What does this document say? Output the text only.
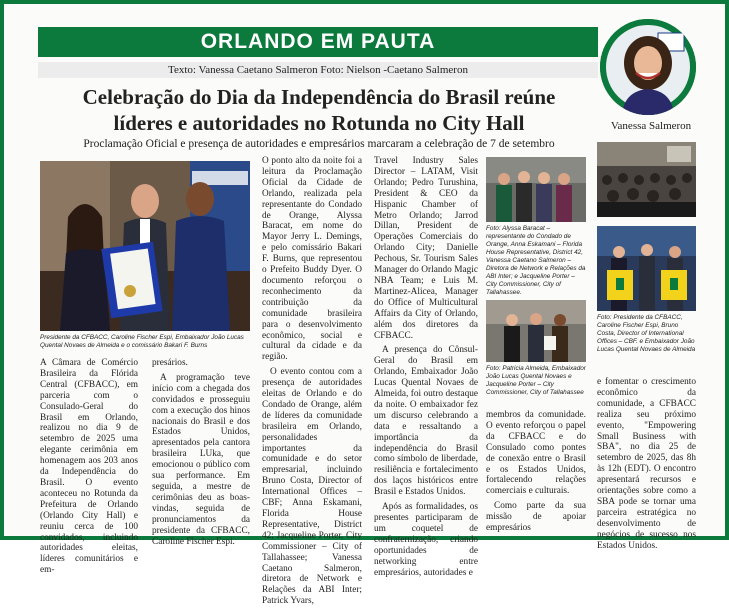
ORLANDO EM PAUTA
Texto: Vanessa Caetano Salmeron Foto: Nielson -Caetano Salmeron
Vanessa Salmeron
Celebração do Dia da Independência do Brasil reúne
líderes e autoridades no Rotunda no City Hall
Proclamação Oficial e presença de autoridades e empresários marcaram a celebração de 7 de setembro
Presidente da CFBACC, Caroline Fischer Espi, Embaixador João Lucas Quental Novaes de Almeida e o comissário Bakari F. Burns

A Câmara de Comércio Brasileira da Flórida Central (CFBACC), em parceria com o Consulado-Geral do Brasil em Orlando, realizou no dia 9 de setembro de 2025 uma elegante cerimônia em homenagem aos 203 anos da Independência do Brasil. O evento aconteceu no Rotunda da Prefeitura de Orlando (Orlando City Hall) e reuniu cerca de 100 convidados, incluindo autoridades eleitas, líderes comunitários e em-

presários.

A programação teve início com a chegada dos convidados e prosseguiu com a execução dos hinos nacionais do Brasil e dos Estados Unidos, apresentados pela cantora brasileira LUka, que emocionou o público com sua performance. Em seguida, a mestre de cerimônias deu as boas-vindas, seguida de pronunciamentos da presidente da CFBACC, Caroline Fischer Espi.

O ponto alto da noite foi a leitura da Proclamação Oficial da Cidade de Orlando, realizada pela representante do Condado de Orange, Alyssa Baracat, em nome do Mayor Jerry L. Demings, e pelo comissário Bakari F. Burns, que representou o Prefeito Buddy Dyer. O documento reforçou o reconhecimento da contribuição da comunidade brasileira para o desenvolvimento econômico, social e cultural da cidade e da região.

O evento contou com a presença de autoridades eleitas de Orlando e do Condado de Orange, além de líderes da comunidade brasileira em Orlando, personalidades importantes da comunidade e do setor empresarial, incluindo Bruno Costa, Director of International Offices – CBF; Anna Eskamani, Florida House Representative, District 42; Jacqueline Porter, City Commissioner – City of Tallahassee; Vanessa Caetano Salmeron, diretora de Network e Relações da ABI Inter; Patrick Yvars,

Travel Industry Sales Director – LATAM, Visit Orlando; Pedro Turushina, President & CEO da Hispanic Chamber of Metro Orlando; Jarrod Dillan, President de Operações Comerciais do Orlando City; Danielle Pechous, Sr. Tourism Sales Manager do Orlando Magic NBA Team; e Luis M. Martinez-Alicea, Manager do Office of Multicultural Affairs da City of Orlando, além dos diretores da CFBACC.

A presença do Cônsul-Geral do Brasil em Orlando, Embaixador João Lucas Quental Novaes de Almeida, foi outro destaque da noite. O embaixador fez um discurso celebrando a data e ressaltando a importância da independência do Brasil como símbolo de liberdade, resiliência e fortalecimento dos laços históricos entre Brasil e Estados Unidos.

Após as formalidades, os presentes participaram de um coquetel de confraternização, criando oportunidades de networking entre empresários, autoridades e

Foto: Alyssa Baracat – representante do Condado de Orange, Anna Eskamani – Florida House Representative, District 42, Vanessa Caetano Salmeron – Diretora de Network e Relações da ABI Inter; e Jacqueline Porter – City Commissioner, City of Tallahassee.
Foto: Patricia Almeida, Embaixador João Lucas Quental Novaes e Jacqueline Porter – City Commissioner, City of Tallahassee
Foto: Presidente da CFBACC, Caroline Fischer Espi, Bruno Costa, Director of International Offices – CBF. e Embaixador João Lucas Quental Novaes de Almeida

membros da comunidade. O evento reforçou o papel da CFBACC e do Consulado como pontes de conexão entre o Brasil e os Estados Unidos, fortalecendo relações comerciais e culturais.

Como parte da sua missão de apoiar empresários

e fomentar o crescimento econômico da comunidade, a CFBACC realiza seu próximo evento, "Empowering Small Business with SBA", no dia 25 de setembro de 2025, das 8h às 12h (EDT). O encontro apresentará recursos e orientações sobre como a SBA pode se tornar uma parceira estratégica no desenvolvimento de negócios de sucesso nos Estados Unidos.
